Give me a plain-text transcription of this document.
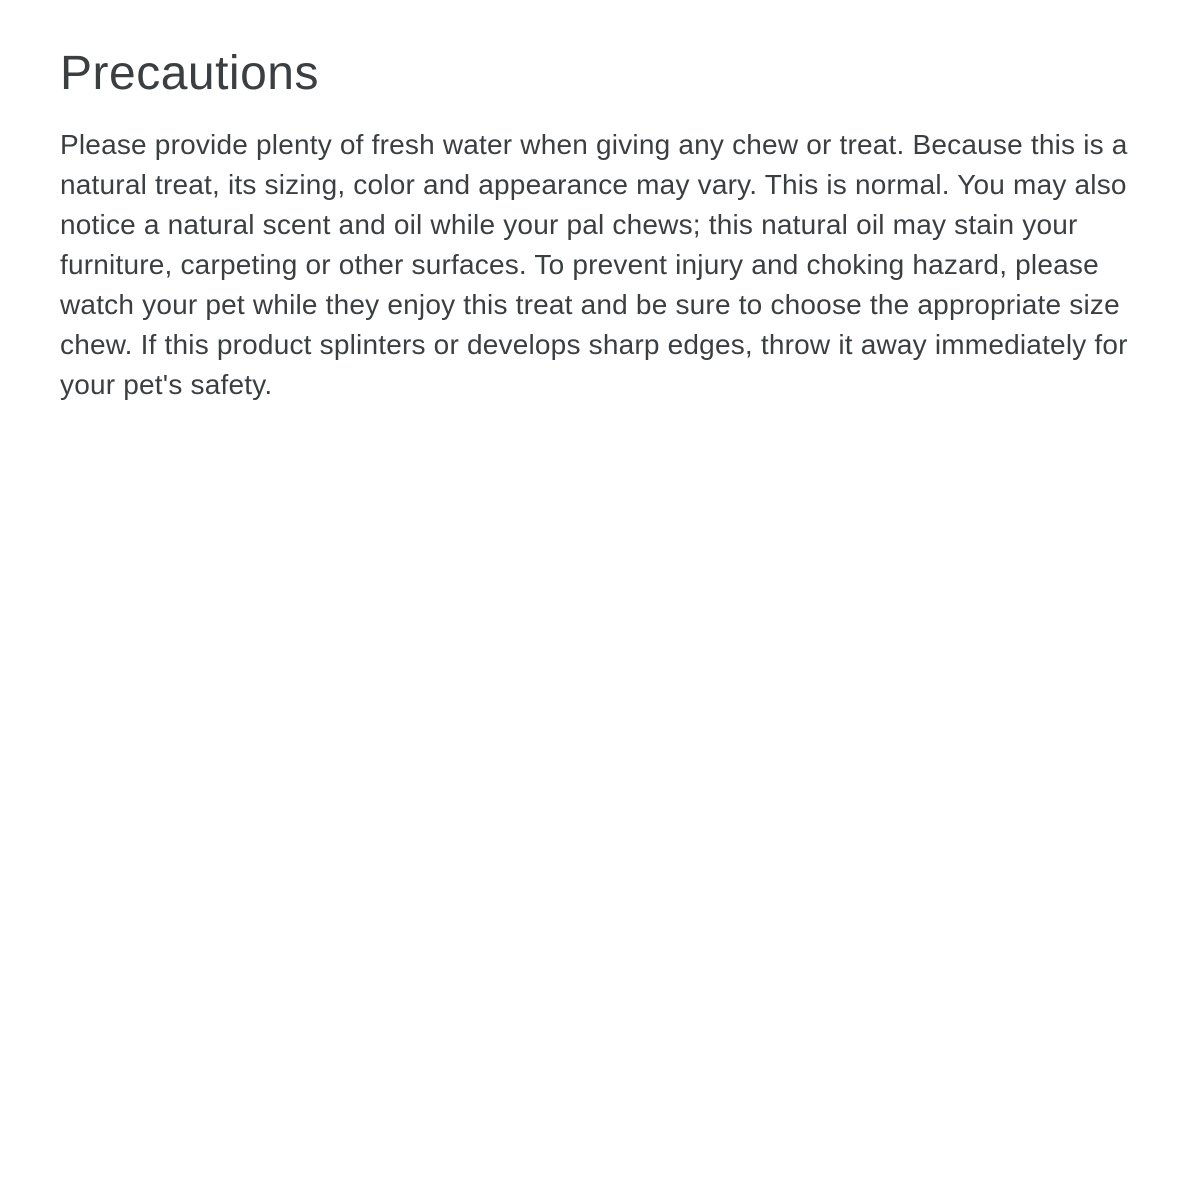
Precautions

Please provide plenty of fresh water when giving any chew or treat. Because this is a natural treat, its sizing, color and appearance may vary. This is normal. You may also notice a natural scent and oil while your pal chews; this natural oil may stain your furniture, carpeting or other surfaces. To prevent injury and choking hazard, please watch your pet while they enjoy this treat and be sure to choose the appropriate size chew. If this product splinters or develops sharp edges, throw it away immediately for your pet's safety.
